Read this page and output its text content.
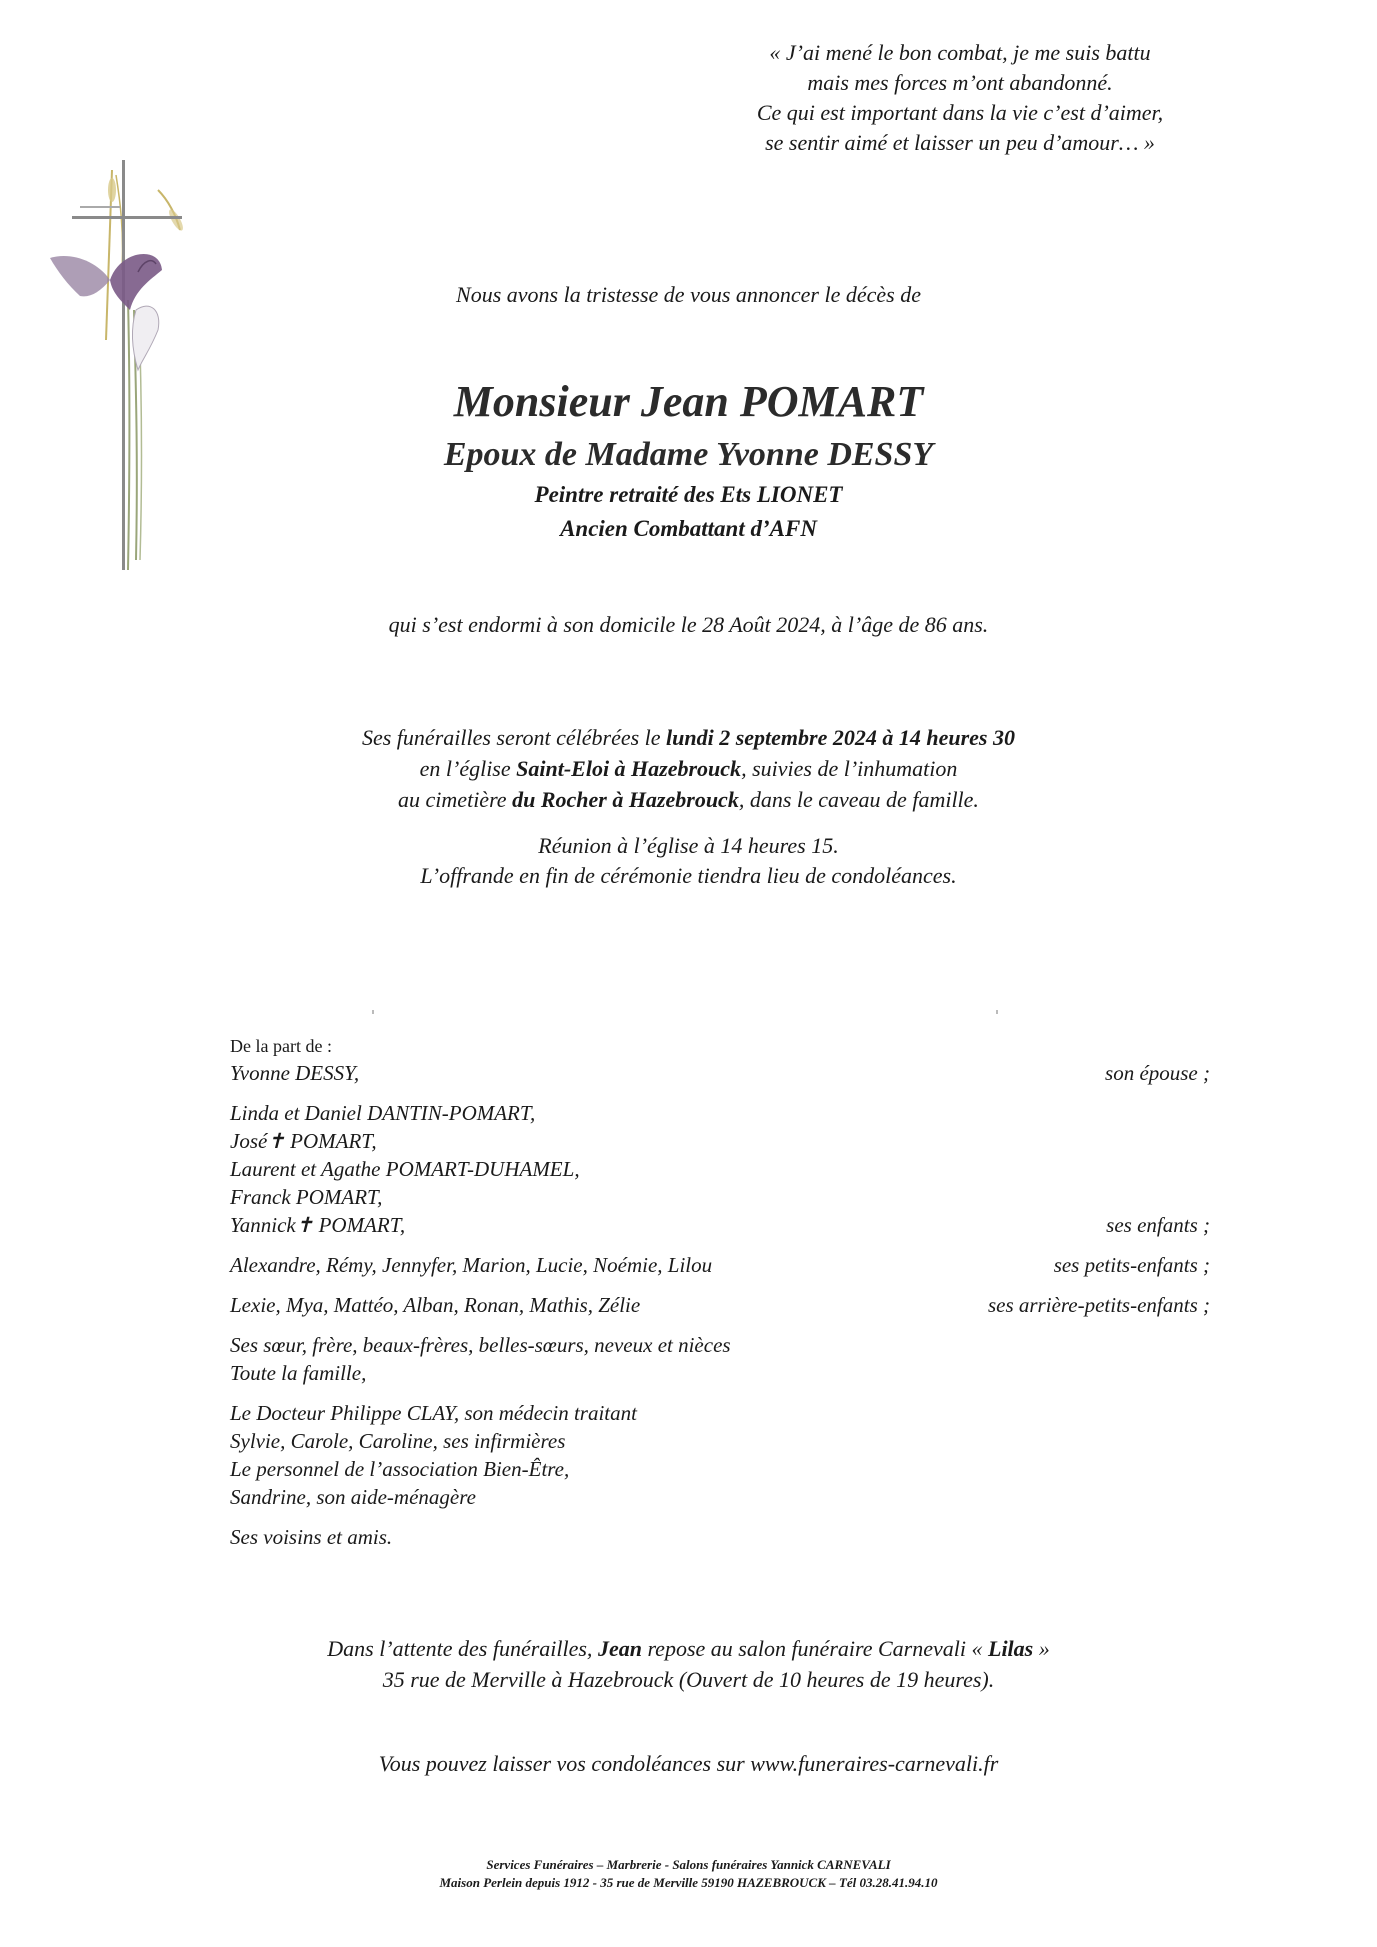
« J’ai mené le bon combat, je me suis battu
mais mes forces m’ont abandonné.
Ce qui est important dans la vie c’est d’aimer,
se sentir aimé et laisser un peu d’amour… »
Nous avons la tristesse de vous annoncer le décès de
Monsieur Jean POMART
Epoux de Madame Yvonne DESSY
Peintre retraité des Ets LIONET
Ancien Combattant d’AFN
qui s’est endormi à son domicile le 28 Août 2024, à l’âge de 86 ans.
Ses funérailles seront célébrées le lundi 2 septembre 2024 à 14 heures 30
en l’église Saint-Eloi à Hazebrouck, suivies de l’inhumation
au cimetière du Rocher à Hazebrouck, dans le caveau de famille.
Réunion à l’église à 14 heures 15.
L’offrande en fin de cérémonie tiendra lieu de condoléances.
De la part de :
Yvonne DESSY,	son épouse ;
Linda et Daniel DANTIN-POMART,
José✝ POMART,
Laurent et Agathe POMART-DUHAMEL,
Franck POMART,
Yannick✝ POMART,	ses enfants ;
Alexandre, Rémy, Jennyfer, Marion, Lucie, Noémie, Lilou	ses petits-enfants ;
Lexie, Mya, Mattéo, Alban, Ronan, Mathis, Zélie	ses arrière-petits-enfants ;
Ses sœur, frère, beaux-frères, belles-sœurs, neveux et nièces
Toute la famille,
Le Docteur Philippe CLAY, son médecin traitant
Sylvie, Carole, Caroline, ses infirmières
Le personnel de l’association Bien-Être,
Sandrine, son aide-ménagère
Ses voisins et amis.
Dans l’attente des funérailles, Jean repose au salon funéraire Carnevali « Lilas »
35 rue de Merville à Hazebrouck (Ouvert de 10 heures de 19 heures).
Vous pouvez laisser vos condoléances sur www.funeraires-carnevali.fr
Services Funéraires – Marbrerie - Salons funéraires Yannick CARNEVALI
Maison Perlein depuis 1912 - 35 rue de Merville 59190 HAZEBROUCK – Tél 03.28.41.94.10
